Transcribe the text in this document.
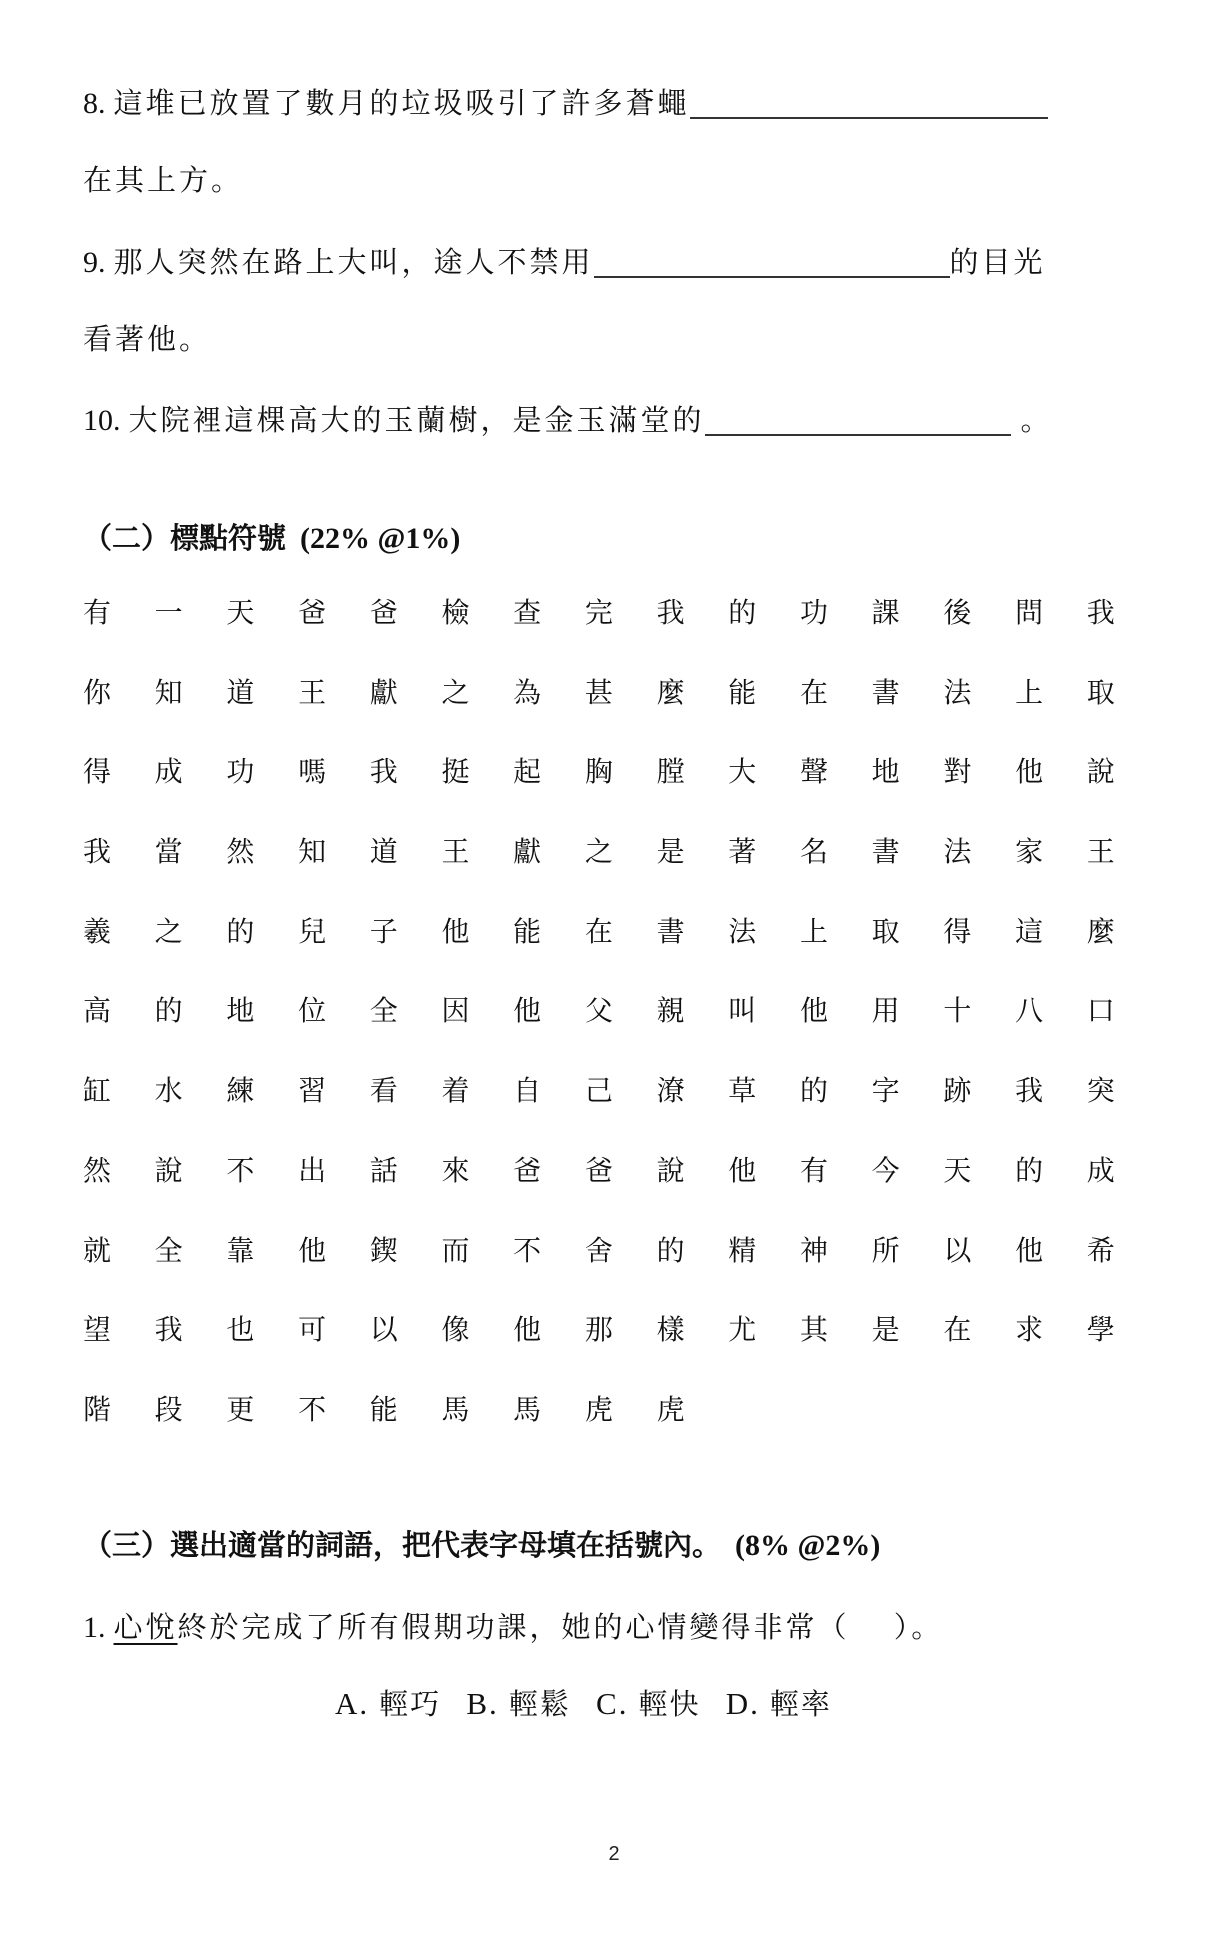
8. 這堆已放置了數月的垃圾吸引了許多蒼蠅
在其上方。
9. 那人突然在路上大叫，途人不禁用	的目光
看著他。
10. 大院裡這棵高大的玉蘭樹，是金玉滿堂的	。
（二）標點符號 (22% @1%)
有 一 天 爸 爸 檢 查 完 我 的 功 課 後 問 我
你 知 道 王 獻 之 為 甚 麼 能 在 書 法 上 取
得 成 功 嗎 我 挺 起 胸 膛 大 聲 地 對 他 說
我 當 然 知 道 王 獻 之 是 著 名 書 法 家 王
羲 之 的 兒 子 他 能 在 書 法 上 取 得 這 麼
高 的 地 位 全 因 他 父 親 叫 他 用 十 八 口
缸 水 練 習 看 着 自 己 潦 草 的 字 跡 我 突
然 說 不 出 話 來 爸 爸 說 他 有 今 天 的 成
就 全 靠 他 鍥 而 不 舍 的 精 神 所 以 他 希
望 我 也 可 以 像 他 那 樣 尤 其 是 在 求 學
階 段 更 不 能 馬 馬 虎 虎
（三）選出適當的詞語，把代表字母填在括號內。 (8% @2%)
1. 心悅終於完成了所有假期功課，她的心情變得非常（　 ）。
A. 輕巧 B. 輕鬆 C. 輕快 D. 輕率
2
